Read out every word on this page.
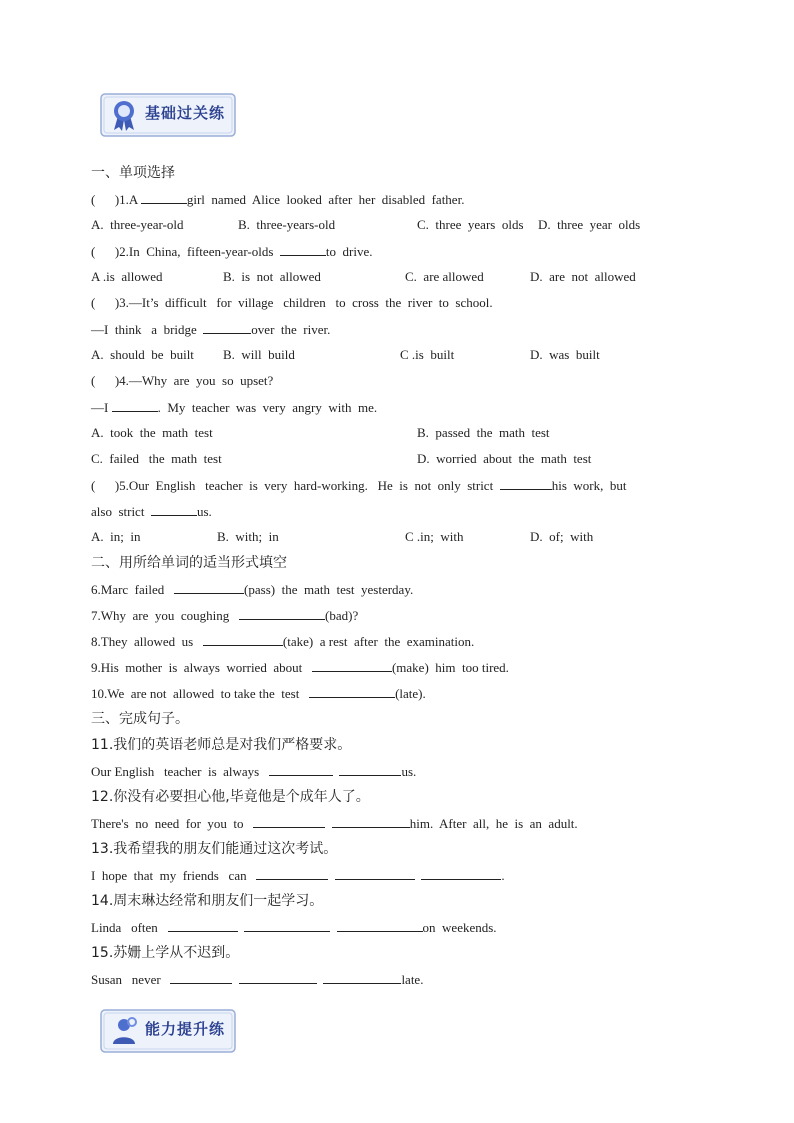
基础过关练
一、单项选择
(      )1.A	girl  named  Alice  looked  after  her  disabled  father.
A.  three-year-old	B.  three-years-old	C.  three  years  olds D.  three  year  olds
(      )2.In  China,  fifteen-year-olds	to  drive.
A .is  allowed	B.  is  not  allowed	C.  are allowed	D.  are  not  allowed
(      )3.—It’s  difficult   for  village   children   to  cross  the  river  to  school.
—I  think   a  bridge	over  the  river.
A.  should  be  built B.  will  build	C .is  built	D.  was  built
(      )4.—Why  are  you  so  upset?
—I	.  My  teacher  was  very  angry  with  me.
A.  took  the  math  test	B.  passed  the  math  test
C.  failed   the  math  test	D.  worried  about  the  math  test
(      )5.Our  English   teacher  is  very  hard-working.   He  is  not  only  strict	his  work,  but
also  strict	us.
A.  in;  in	B.  with;  in	C .in;  with	D.  of;  with
二、用所给单词的适当形式填空
6.Marc  failed	(pass)  the  math  test  yesterday.
7.Why  are  you  coughing	(bad)?
8.They  allowed  us	(take)  a rest  after  the  examination.
9.His  mother  is  always  worried  about	(make)  him  too tired.
10.We  are not  allowed  to take the  test	(late).
三、完成句子。
11.我们的英语老师总是对我们严格要求。
Our English   teacher  is  always	us.
12.你没有必要担心他,毕竟他是个成年人了。
There's  no  need  for  you  to	him.  After  all,  he  is  an  adult.
13.我希望我的朋友们能通过这次考试。
I  hope  that  my  friends   can	.
14.周末琳达经常和朋友们一起学习。
Linda   often	on  weekends.
15.苏姗上学从不迟到。
Susan   never	late.
能力提升练
